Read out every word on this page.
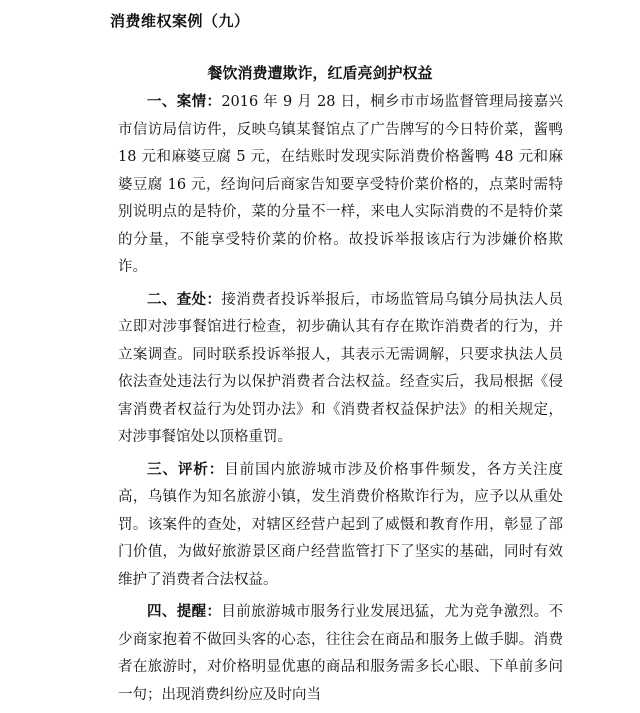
消费维权案例（九）
餐饮消费遭欺诈，红盾亮剑护权益

一、案情：2016 年 9 月 28 日，桐乡市市场监督管理局接嘉兴市信访局信访件，反映乌镇某餐馆点了广告牌写的今日特价菜，酱鸭 18 元和麻婆豆腐 5 元，在结账时发现实际消费价格酱鸭 48 元和麻婆豆腐 16 元，经询问后商家告知要享受特价菜价格的，点菜时需特别说明点的是特价，菜的分量不一样，来电人实际消费的不是特价菜的分量，不能享受特价菜的价格。故投诉举报该店行为涉嫌价格欺诈。

二、查处：接消费者投诉举报后，市场监管局乌镇分局执法人员立即对涉事餐馆进行检查，初步确认其有存在欺诈消费者的行为，并立案调查。同时联系投诉举报人，其表示无需调解，只要求执法人员依法查处违法行为以保护消费者合法权益。经查实后，我局根据《侵害消费者权益行为处罚办法》和《消费者权益保护法》的相关规定，对涉事餐馆处以顶格重罚。

三、评析：目前国内旅游城市涉及价格事件频发，各方关注度高，乌镇作为知名旅游小镇，发生消费价格欺诈行为，应予以从重处罚。该案件的查处，对辖区经营户起到了威慑和教育作用，彰显了部门价值，为做好旅游景区商户经营监管打下了坚实的基础，同时有效维护了消费者合法权益。

四、提醒：目前旅游城市服务行业发展迅猛，尤为竞争激烈。不少商家抱着不做回头客的心态，往往会在商品和服务上做手脚。消费者在旅游时，对价格明显优惠的商品和服务需多长心眼、下单前多问一句；出现消费纠纷应及时向当
